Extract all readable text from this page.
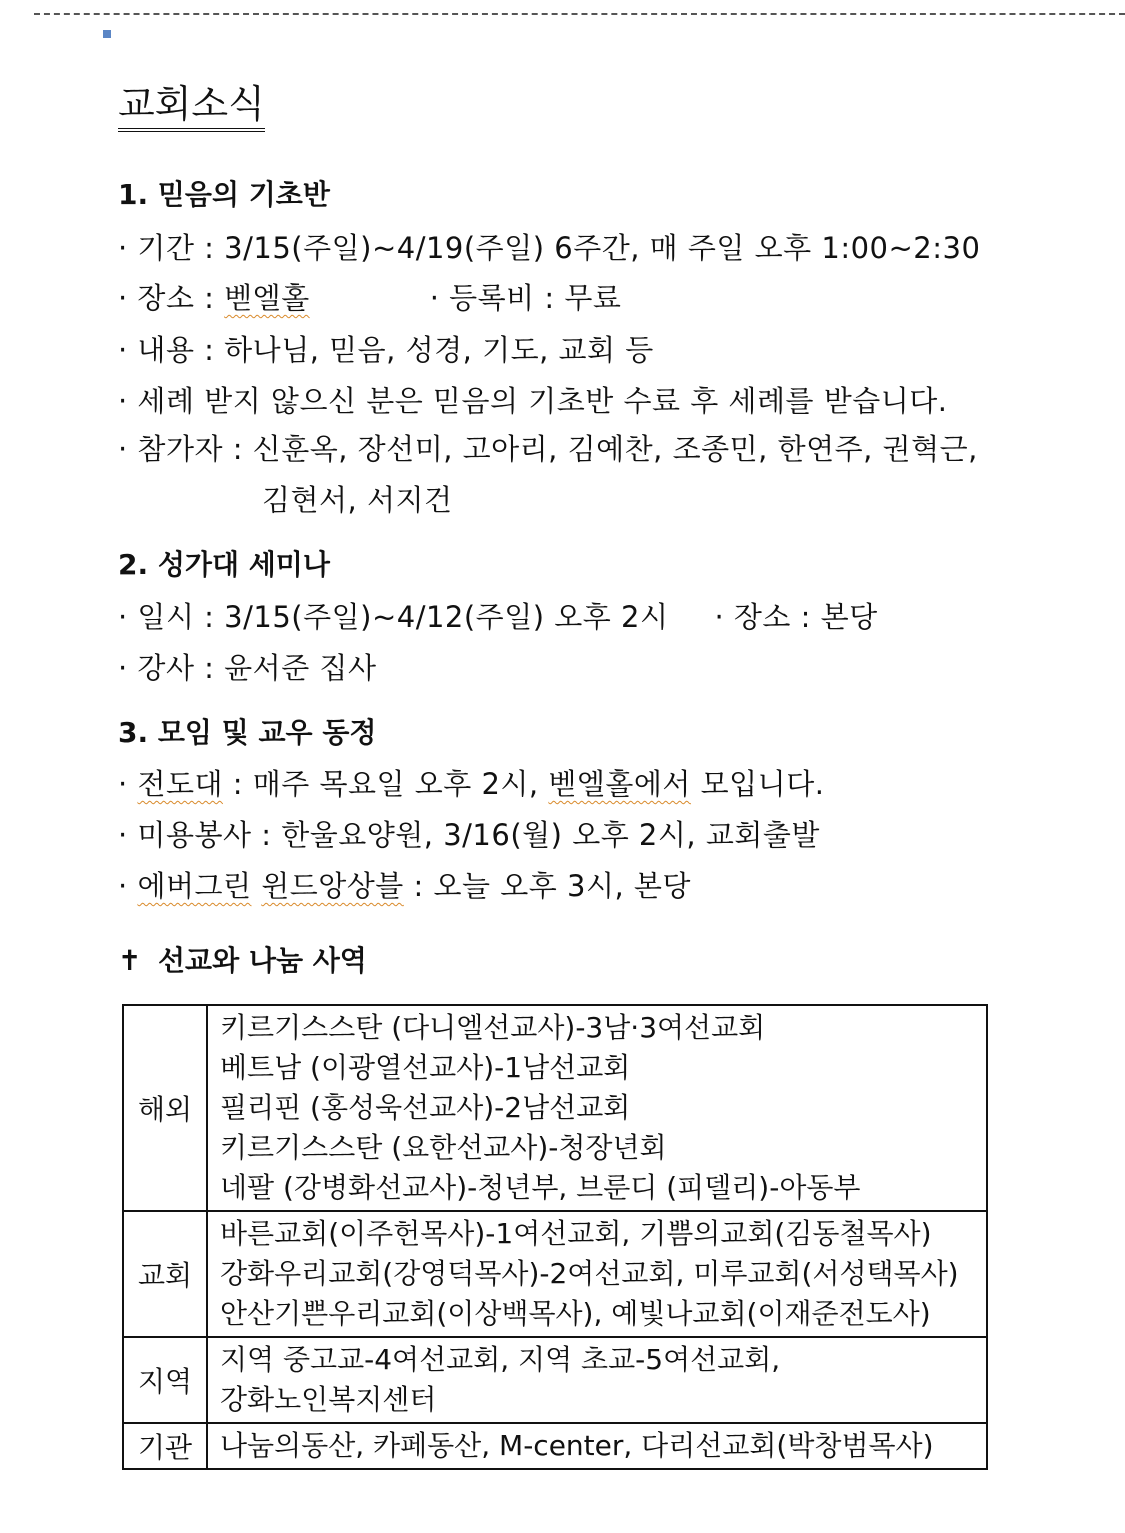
교회소식
1. 믿음의 기초반
· 기간 : 3/15(주일)~4/19(주일) 6주간, 매 주일 오후 1:00~2:30
· 장소 : 벧엘홀	· 등록비 : 무료
· 내용 : 하나님, 믿음, 성경, 기도, 교회 등
· 세례 받지 않으신 분은 믿음의 기초반 수료 후 세례를 받습니다.
· 참가자 : 신훈옥, 장선미, 고아리, 김예찬, 조종민, 한연주, 권혁근,
김현서, 서지건
2. 성가대 세미나
· 일시 : 3/15(주일)~4/12(주일) 오후 2시 · 장소 : 본당
· 강사 : 윤서준 집사
3. 모임 및 교우 동정
· 전도대 : 매주 목요일 오후 2시, 벧엘홀에서 모입니다.
· 미용봉사 : 한울요양원, 3/16(월) 오후 2시, 교회출발
· 에버그린 윈드앙상블 : 오늘 오후 3시, 본당
✝ 선교와 나눔 사역
해외	키르기스스탄 (다니엘선교사)-3남·3여선교회
베트남 (이광열선교사)-1남선교회
필리핀 (홍성욱선교사)-2남선교회
키르기스스탄 (요한선교사)-청장년회
네팔 (강병화선교사)-청년부, 브룬디 (피델리)-아동부

교회	바른교회(이주헌목사)-1여선교회, 기쁨의교회(김동철목사)
강화우리교회(강영덕목사)-2여선교회, 미루교회(서성택목사)
안산기쁜우리교회(이상백목사), 예빛나교회(이재준전도사)

지역	지역 중고교-4여선교회, 지역 초교-5여선교회,
강화노인복지센터

기관	나눔의동산, 카페동산, M-center, 다리선교회(박창범목사)
